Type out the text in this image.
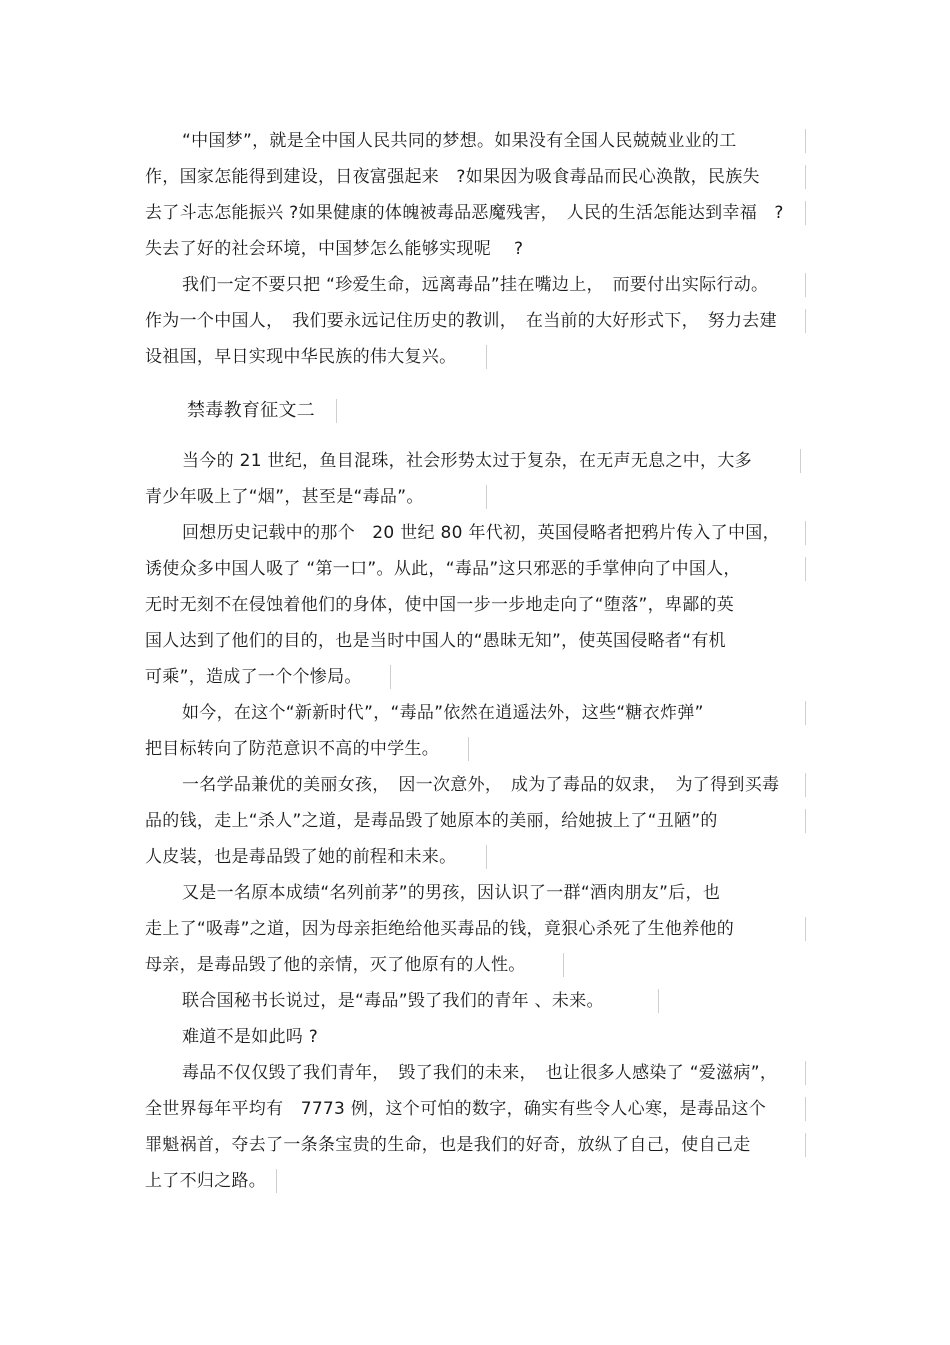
“中国梦”，就是全中国人民共同的梦想。如果没有全国人民兢兢业业的工
作，国家怎能得到建设，日夜富强起来　?如果因为吸食毒品而民心涣散，民族失
去了斗志怎能振兴 ?如果健康的体魄被毒品恶魔残害，　人民的生活怎能达到幸福　?
失去了好的社会环境，中国梦怎么能够实现呢　 ?
我们一定不要只把 “珍爱生命，远离毒品”挂在嘴边上，　而要付出实际行动。
作为一个中国人，　我们要永远记住历史的教训，　在当前的大好形式下，　努力去建
设祖国，早日实现中华民族的伟大复兴。
禁毒教育征文二
当今的 21 世纪，鱼目混珠，社会形势太过于复杂，在无声无息之中，大多
青少年吸上了“烟”，甚至是“毒品”。
回想历史记载中的那个　20 世纪 80 年代初，英国侵略者把鸦片传入了中国，
诱使众多中国人吸了 “第一口”。从此，“毒品”这只邪恶的手掌伸向了中国人，
无时无刻不在侵蚀着他们的身体，使中国一步一步地走向了“堕落”，卑鄙的英
国人达到了他们的目的，也是当时中国人的“愚昧无知”，使英国侵略者“有机
可乘”，造成了一个个惨局。
如今，在这个“新新时代”，“毒品”依然在逍遥法外，这些“糖衣炸弹”
把目标转向了防范意识不高的中学生。
一名学品兼优的美丽女孩，　因一次意外，　成为了毒品的奴隶，　为了得到买毒
品的钱，走上“杀人”之道，是毒品毁了她原本的美丽，给她披上了“丑陋”的
人皮装，也是毒品毁了她的前程和未来。
又是一名原本成绩“名列前茅”的男孩，因认识了一群“酒肉朋友”后，也
走上了“吸毒”之道，因为母亲拒绝给他买毒品的钱，竟狠心杀死了生他养他的
母亲，是毒品毁了他的亲情，灭了他原有的人性。
联合国秘书长说过，是“毒品”毁了我们的青年 、未来。
难道不是如此吗 ?
毒品不仅仅毁了我们青年，　毁了我们的未来，　也让很多人感染了 “爱滋病”，
全世界每年平均有　7773 例，这个可怕的数字，确实有些令人心寒，是毒品这个
罪魁祸首，夺去了一条条宝贵的生命，也是我们的好奇，放纵了自己，使自己走
上了不归之路。
